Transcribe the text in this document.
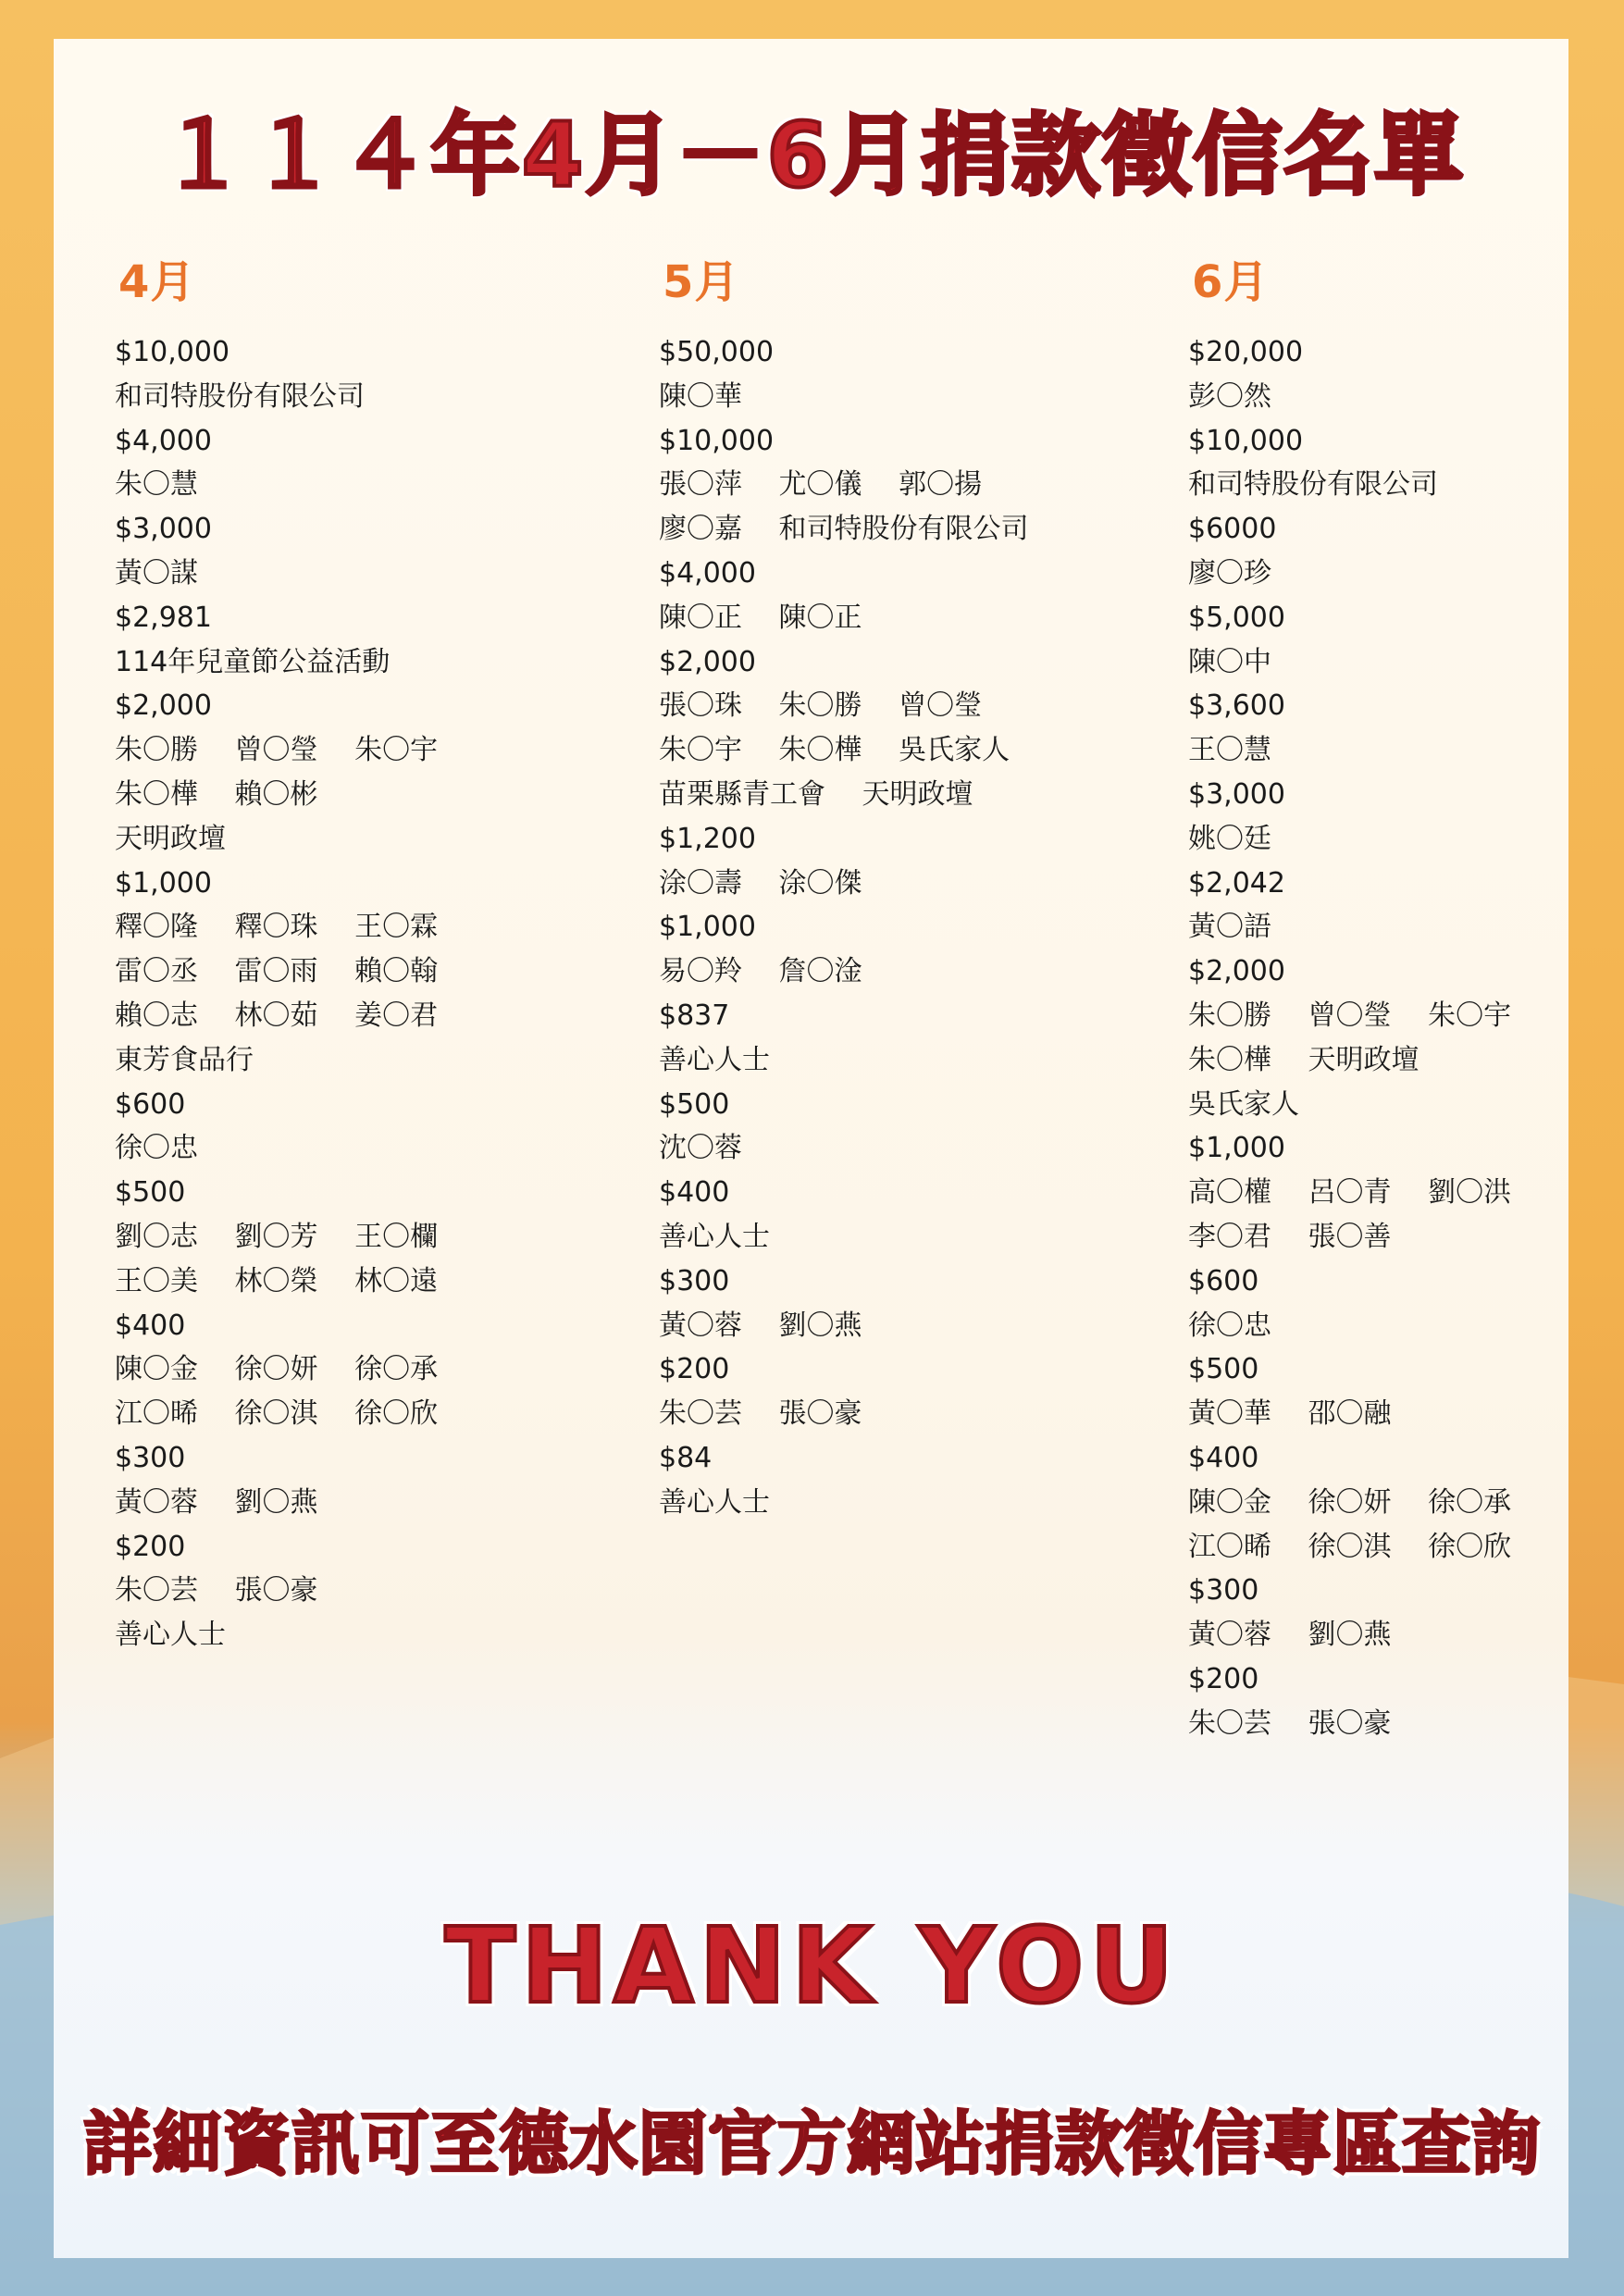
１１４年4月－6月捐款徵信名單
4月
$10,000
和司特股份有限公司
$4,000
朱〇慧
$3,000
黃〇謀
$2,981
114年兒童節公益活動
$2,000
朱〇勝　 曾〇瑩　 朱〇宇
朱〇樺　 賴〇彬
天明政壇
$1,000
釋〇隆　 釋〇珠　 王〇霖
雷〇丞　 雷〇雨　 賴〇翰
賴〇志　 林〇茹　 姜〇君
東芳食品行
$600
徐〇忠
$500
劉〇志　 劉〇芳　 王〇欄
王〇美　 林〇榮　 林〇遠
$400
陳〇金　 徐〇妍　 徐〇承
江〇晞　 徐〇淇　 徐〇欣
$300
黃〇蓉　 劉〇燕
$200
朱〇芸　 張〇豪
善心人士
5月
$50,000
陳〇華
$10,000
張〇萍　 尤〇儀　 郭〇揚
廖〇嘉　 和司特股份有限公司
$4,000
陳〇正　 陳〇正
$2,000
張〇珠　 朱〇勝　 曾〇瑩
朱〇宇　 朱〇樺　 吳氏家人
苗栗縣青工會　 天明政壇
$1,200
涂〇壽　 涂〇傑
$1,000
易〇羚　 詹〇淦
$837
善心人士
$500
沈〇蓉
$400
善心人士
$300
黃〇蓉　 劉〇燕
$200
朱〇芸　 張〇豪
$84
善心人士
6月
$20,000
彭〇然
$10,000
和司特股份有限公司
$6000
廖〇珍
$5,000
陳〇中
$3,600
王〇慧
$3,000
姚〇廷
$2,042
黃〇語
$2,000
朱〇勝　 曾〇瑩　 朱〇宇
朱〇樺　 天明政壇
吳氏家人
$1,000
高〇權　 呂〇青　 劉〇洪
李〇君　 張〇善
$600
徐〇忠
$500
黃〇華　 邵〇融
$400
陳〇金　 徐〇妍　 徐〇承
江〇晞　 徐〇淇　 徐〇欣
$300
黃〇蓉　 劉〇燕
$200
朱〇芸　 張〇豪
THANK YOU
詳細資訊可至德水園官方網站捐款徵信專區查詢
